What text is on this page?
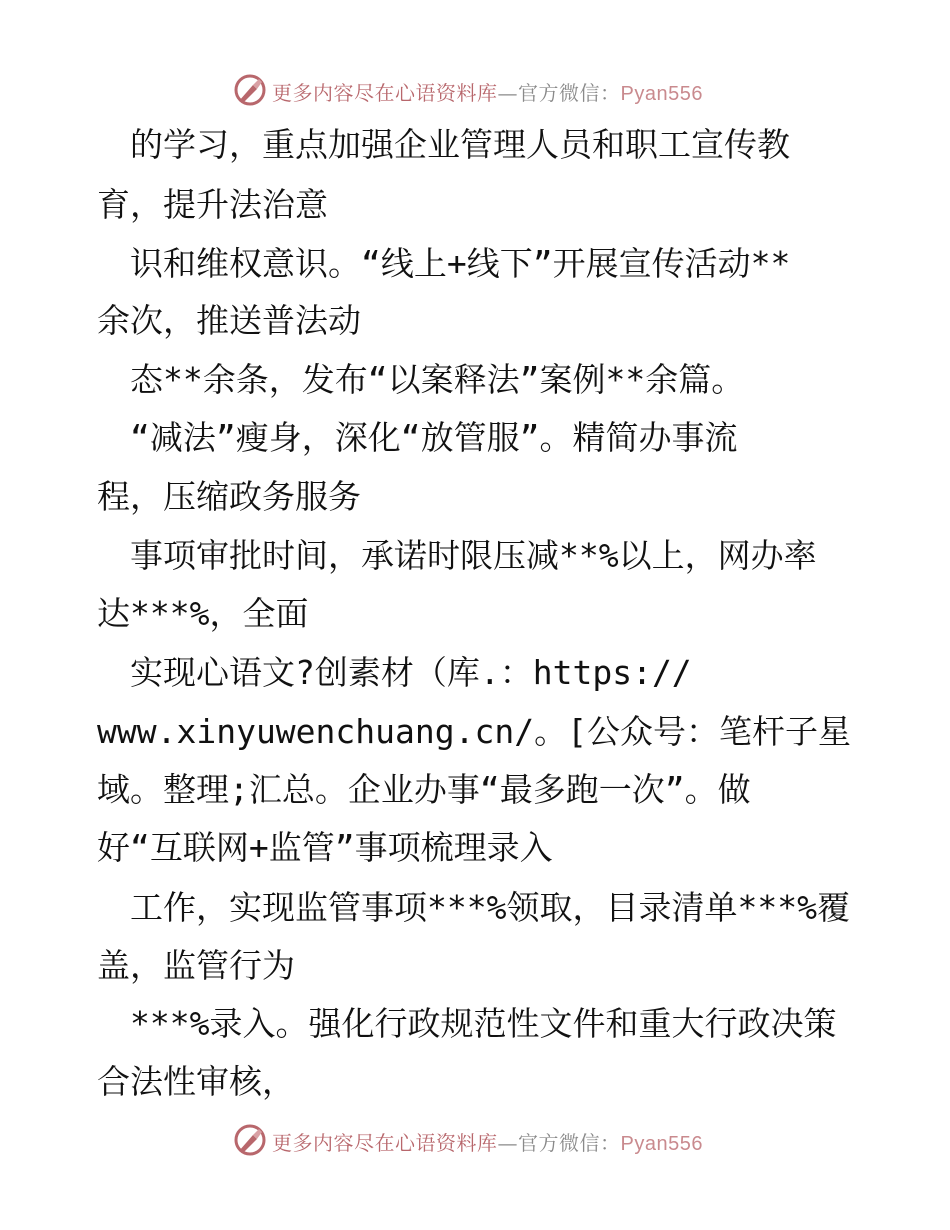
更多内容尽在心语资料库—官方微信：Pyan556
　的学习，重点加强企业管理人员和职工宣传教
育，提升法治意
　识和维权意识。“线上+线下”开展宣传活动**
余次，推送普法动
　态**余条，发布“以案释法”案例**余篇。
　“减法”瘦身，深化“放管服”。精简办事流
程，压缩政务服务
　事项审批时间，承诺时限压减**%以上，网办率
达***%，全面
　实现心语文?创素材（库.：https://
www.xinyuwenchuang.cn/。[公众号：笔杆子星
域。整理;汇总。企业办事“最多跑一次”。做
好“互联网+监管”事项梳理录入
　工作，实现监管事项***%领取，目录清单***%覆
盖，监管行为
　***%录入。强化行政规范性文件和重大行政决策
合法性审核，
更多内容尽在心语资料库—官方微信：Pyan556
